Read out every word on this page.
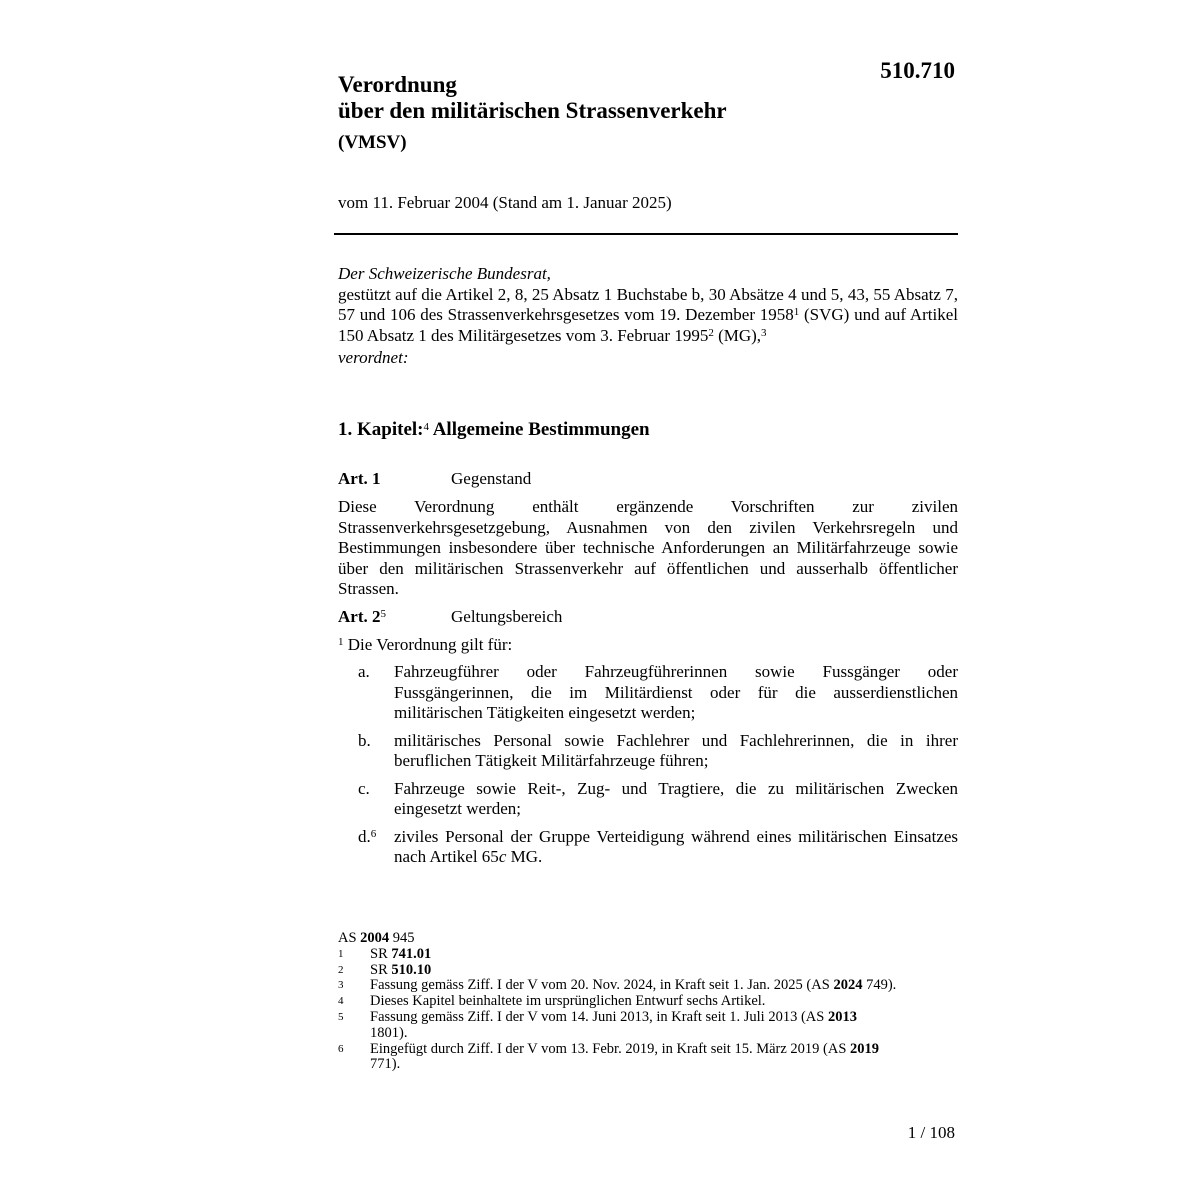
510.710
Verordnung
über den militärischen Strassenverkehr
(VMSV)
vom 11. Februar 2004 (Stand am 1. Januar 2025)
Der Schweizerische Bundesrat,
gestützt auf die Artikel 2, 8, 25 Absatz 1 Buchstabe b, 30 Absätze 4 und 5, 43, 55 Absatz 7, 57 und 106 des Strassenverkehrsgesetzes vom 19. Dezember 1958$^1$ (SVG) und auf Artikel 150 Absatz 1 des Militärgesetzes vom 3. Februar 1995$^2$ (MG),$^3$
verordnet:
1. Kapitel:$^4$ Allgemeine Bestimmungen
Art. 1	Gegenstand
Diese Verordnung enthält ergänzende Vorschriften zur zivilen Strassenverkehrsgesetzgebung, Ausnahmen von den zivilen Verkehrsregeln und Bestimmungen insbesondere über technische Anforderungen an Militärfahrzeuge sowie über den militärischen Strassenverkehr auf öffentlichen und ausserhalb öffentlicher Strassen.
Art. $2^5$	Geltungsbereich
$^1$ Die Verordnung gilt für:
a.	Fahrzeugführer oder Fahrzeugführerinnen sowie Fussgänger oder Fussgängerinnen, die im Militärdienst oder für die ausserdienstlichen militärischen Tätigkeiten eingesetzt werden;
b.	militärisches Personal sowie Fachlehrer und Fachlehrerinnen, die in ihrer beruflichen Tätigkeit Militärfahrzeuge führen;
c.	Fahrzeuge sowie Reit-, Zug- und Tragtiere, die zu militärischen Zwecken eingesetzt werden;
d.$^6$	ziviles Personal der Gruppe Verteidigung während eines militärischen Einsatzes nach Artikel 65c MG.
AS 2004 945
1	SR 741.01
2	SR 510.10
3	Fassung gemäss Ziff. I der V vom 20. Nov. 2024, in Kraft seit 1. Jan. 2025 (AS 2024 749).
4	Dieses Kapitel beinhaltete im ursprünglichen Entwurf sechs Artikel.
5	Fassung gemäss Ziff. I der V vom 14. Juni 2013, in Kraft seit 1. Juli 2013 (AS 2013 1801).
6	Eingefügt durch Ziff. I der V vom 13. Febr. 2019, in Kraft seit 15. März 2019 (AS 2019 771).
1 / 108
